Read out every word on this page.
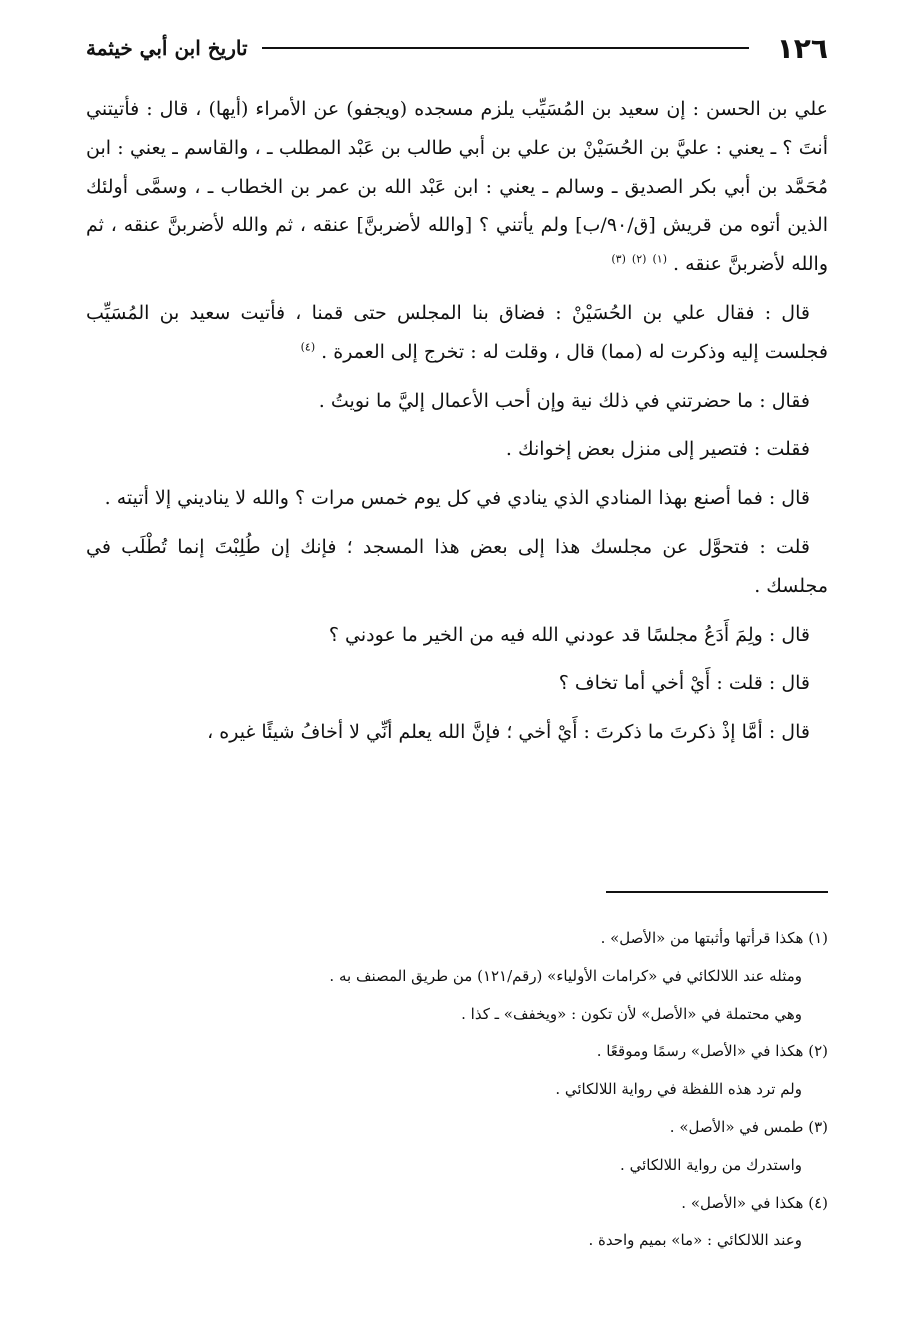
١٢٦
تاريخ ابن أبي خيثمة

علي بن الحسن : إن سعيد بن المُسَيِّب يلزم مسجده (ويجفو) عن الأمراء (أيها) ، قال : فأتيتني أنتَ ؟ ـ يعني : عليَّ بن الحُسَيْنْ بن علي بن أبي طالب بن عَبْد المطلب ـ ، والقاسم ـ يعني : ابن مُحَمَّد بن أبي بكر الصديق ـ وسالم ـ يعني : ابن عَبْد الله بن عمر بن الخطاب ـ ، وسمَّى أولئك الذين أتوه من قريش [ق/٩٠/ب] ولم يأتني ؟ [والله لأضربنَّ] عنقه ، ثم والله لأضربنَّ عنقه ، ثم والله لأضربنَّ عنقه . $^{(١)}$ $^{(٢)}$ $^{(٣)}$

قال : فقال علي بن الحُسَيْنْ : فضاق بنا المجلس حتى قمنا ، فأتيت سعيد بن المُسَيِّب فجلست إليه وذكرت له (مما) قال ، وقلت له : تخرج إلى العمرة . $^{(٤)}$

فقال : ما حضرتني في ذلك نية وإن أحب الأعمال إليَّ ما نويتُ .

فقلت : فتصير إلى منزل بعض إخوانك .

قال : فما أصنع بهذا المنادي الذي ينادي في كل يوم خمس مرات ؟ والله لا يناديني إلا أتيته .

قلت : فتحوَّل عن مجلسك هذا إلى بعض هذا المسجد ؛ فإنك إن طُلِبْتَ إنما تُطْلَب في مجلسك .

قال : ولِمَ أَدَعُ مجلسًا قد عودني الله فيه من الخير ما عودني ؟

قال : قلت : أَيْ أخي أما تخاف ؟

قال : أمَّا إذْ ذكرتَ ما ذكرتَ : أَيْ أخي ؛ فإنَّ الله يعلم أنِّي لا أخافُ شيئًا غيره ،

(١) هكذا قرأتها وأثبتها من «الأصل» .
ومثله عند اللالكائي في «كرامات الأولياء» (رقم/١٢١) من طريق المصنف به .
وهي محتملة في «الأصل» لأن تكون : «ويخفف» ـ كذا .
(٢) هكذا في «الأصل» رسمًا وموقعًا .
ولم ترد هذه اللفظة في رواية اللالكائي .
(٣) طمس في «الأصل» .
واستدرك من رواية اللالكائي .
(٤) هكذا في «الأصل» .
وعند اللالكائي : «ما» بميم واحدة .
